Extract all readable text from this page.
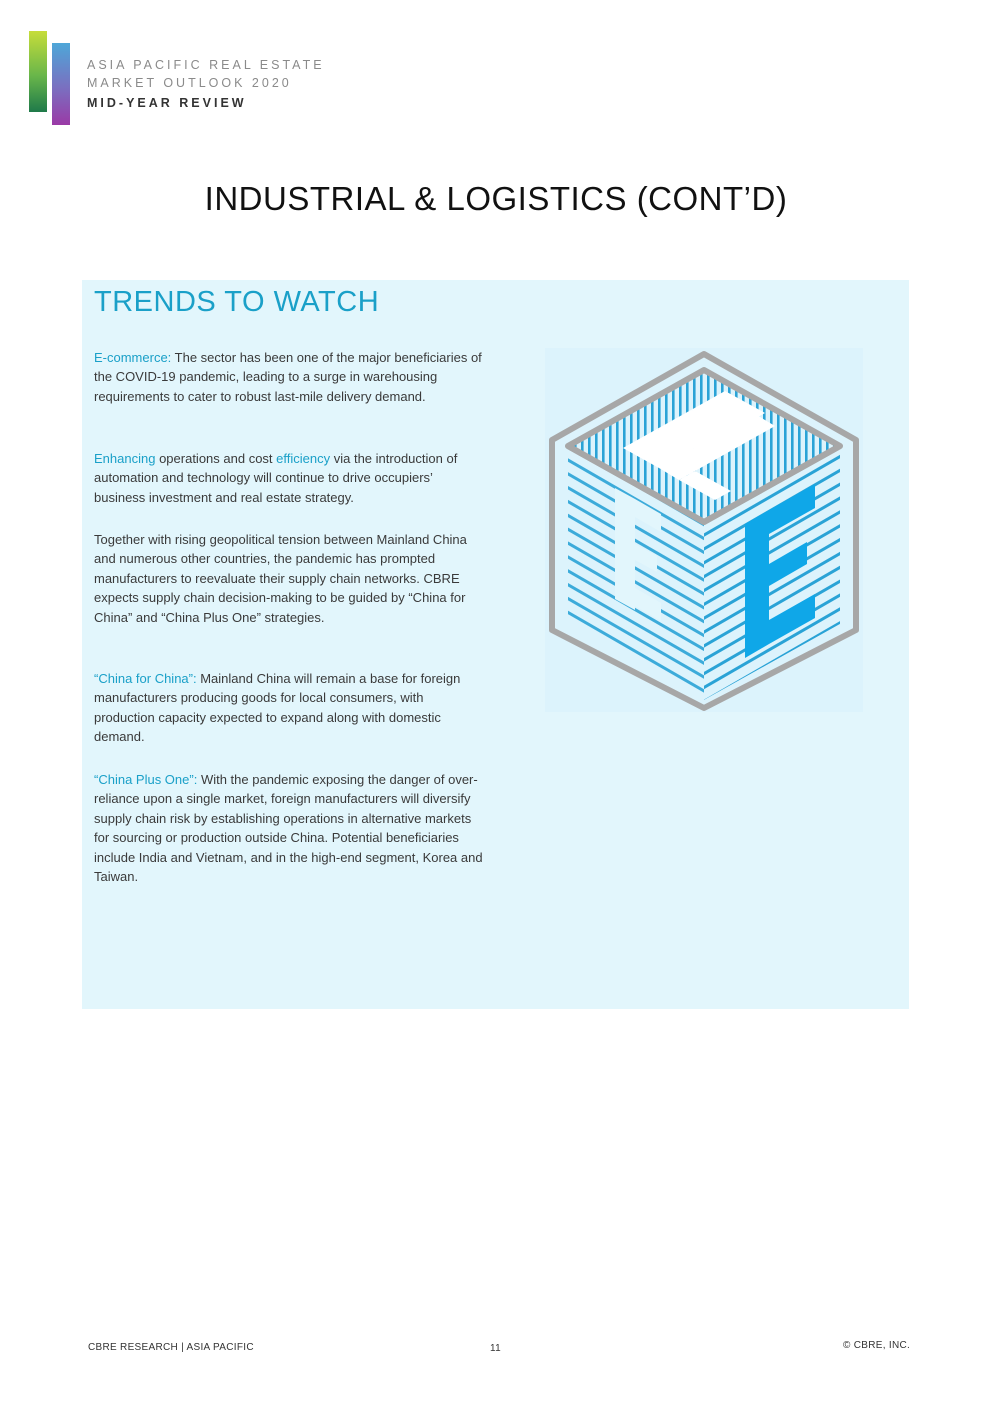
ASIA PACIFIC REAL ESTATE
MARKET OUTLOOK 2020
MID-YEAR REVIEW
INDUSTRIAL & LOGISTICS (CONT’D)
TRENDS TO WATCH

E-commerce: The sector has been one of the major beneficiaries of the COVID-19 pandemic, leading to a surge in warehousing requirements to cater to robust last-mile delivery demand.

Enhancing operations and cost efficiency via the introduction of automation and technology will continue to drive occupiers’ business investment and real estate strategy.

Together with rising geopolitical tension between Mainland China and numerous other countries, the pandemic has prompted manufacturers to reevaluate their supply chain networks. CBRE expects supply chain decision-making to be guided by “China for China” and “China Plus One” strategies.

“China for China”: Mainland China will remain a base for foreign manufacturers producing goods for local consumers, with production capacity expected to expand along with domestic demand.

“China Plus One”: With the pandemic exposing the danger of over-reliance upon a single market, foreign manufacturers will diversify supply chain risk by establishing operations in alternative markets for sourcing or production outside China. Potential beneficiaries include India and Vietnam, and in the high-end segment, Korea and Taiwan.

CBRE RESEARCH | ASIA PACIFIC	11	© CBRE, INC.
